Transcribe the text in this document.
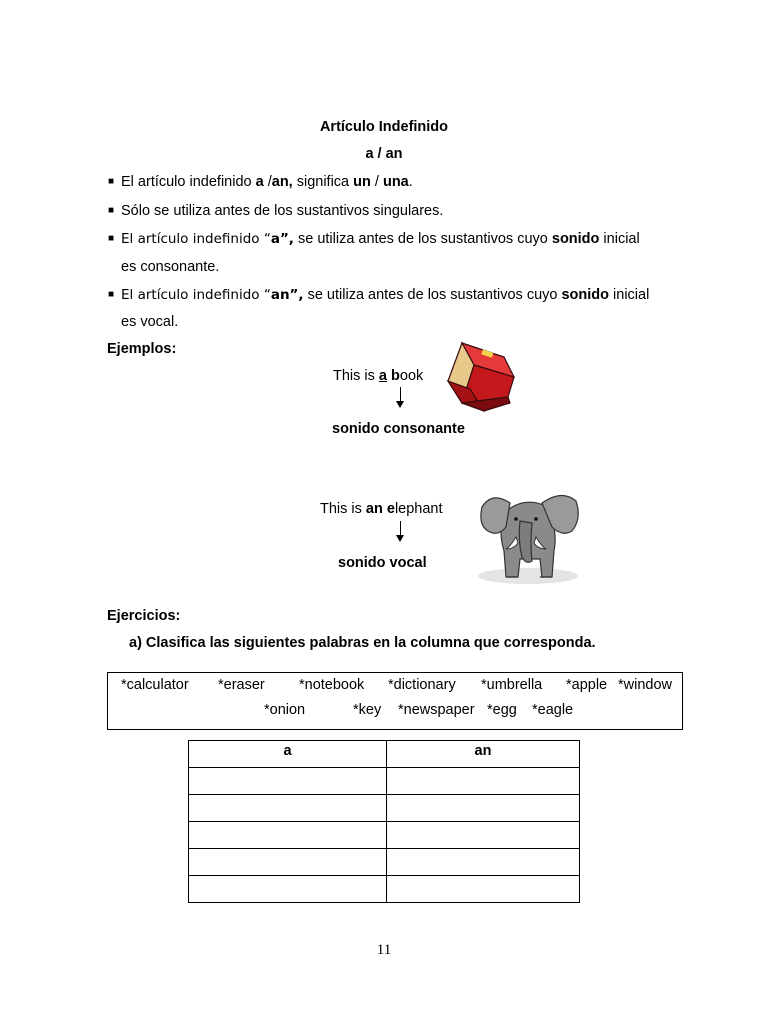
Artículo Indefinido
a / an
■ El artículo indefinido a /an, significa un / una.
■ Sólo se utiliza antes de los sustantivos singulares.
■ El artículo indefinido “a”, se utiliza antes de los sustantivos cuyo sonido inicial
es consonante.
■ El artículo indefinido “an”, se utiliza antes de los sustantivos cuyo sonido inicial
es vocal.
Ejemplos:
This is a book
sonido consonante
This is an elephant
sonido vocal
Ejercicios:
a) Clasifica las siguientes palabras en la columna que corresponda.
*calculator *eraser *notebook *dictionary *umbrella *apple *window
*onion	*key *newspaper *egg *eagle
a	an

11
